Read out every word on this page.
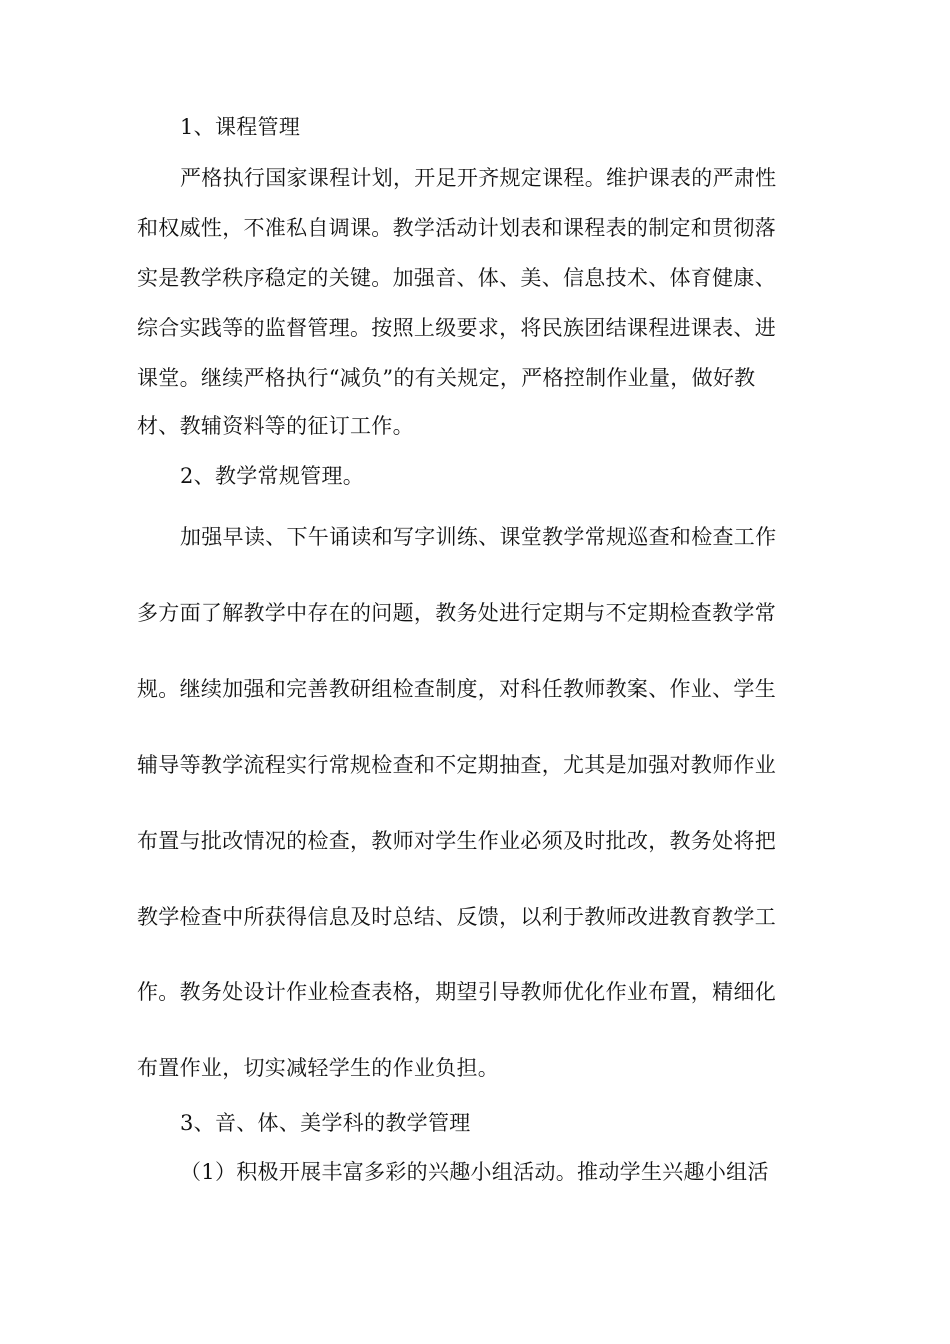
1、课程管理
严格执行国家课程计划，开足开齐规定课程。维护课表的严肃性
和权威性，不准私自调课。教学活动计划表和课程表的制定和贯彻落
实是教学秩序稳定的关键。加强音、体、美、信息技术、体育健康、
综合实践等的监督管理。按照上级要求，将民族团结课程进课表、进
课堂。继续严格执行“减负”的有关规定，严格控制作业量，做好教
材、教辅资料等的征订工作。
2、教学常规管理。
加强早读、下午诵读和写字训练、课堂教学常规巡查和检查工作
多方面了解教学中存在的问题，教务处进行定期与不定期检查教学常
规。继续加强和完善教研组检查制度，对科任教师教案、作业、学生
辅导等教学流程实行常规检查和不定期抽查，尤其是加强对教师作业
布置与批改情况的检查，教师对学生作业必须及时批改，教务处将把
教学检查中所获得信息及时总结、反馈，以利于教师改进教育教学工
作。教务处设计作业检查表格，期望引导教师优化作业布置，精细化
布置作业，切实减轻学生的作业负担。
3、音、体、美学科的教学管理
（1）积极开展丰富多彩的兴趣小组活动。推动学生兴趣小组活
